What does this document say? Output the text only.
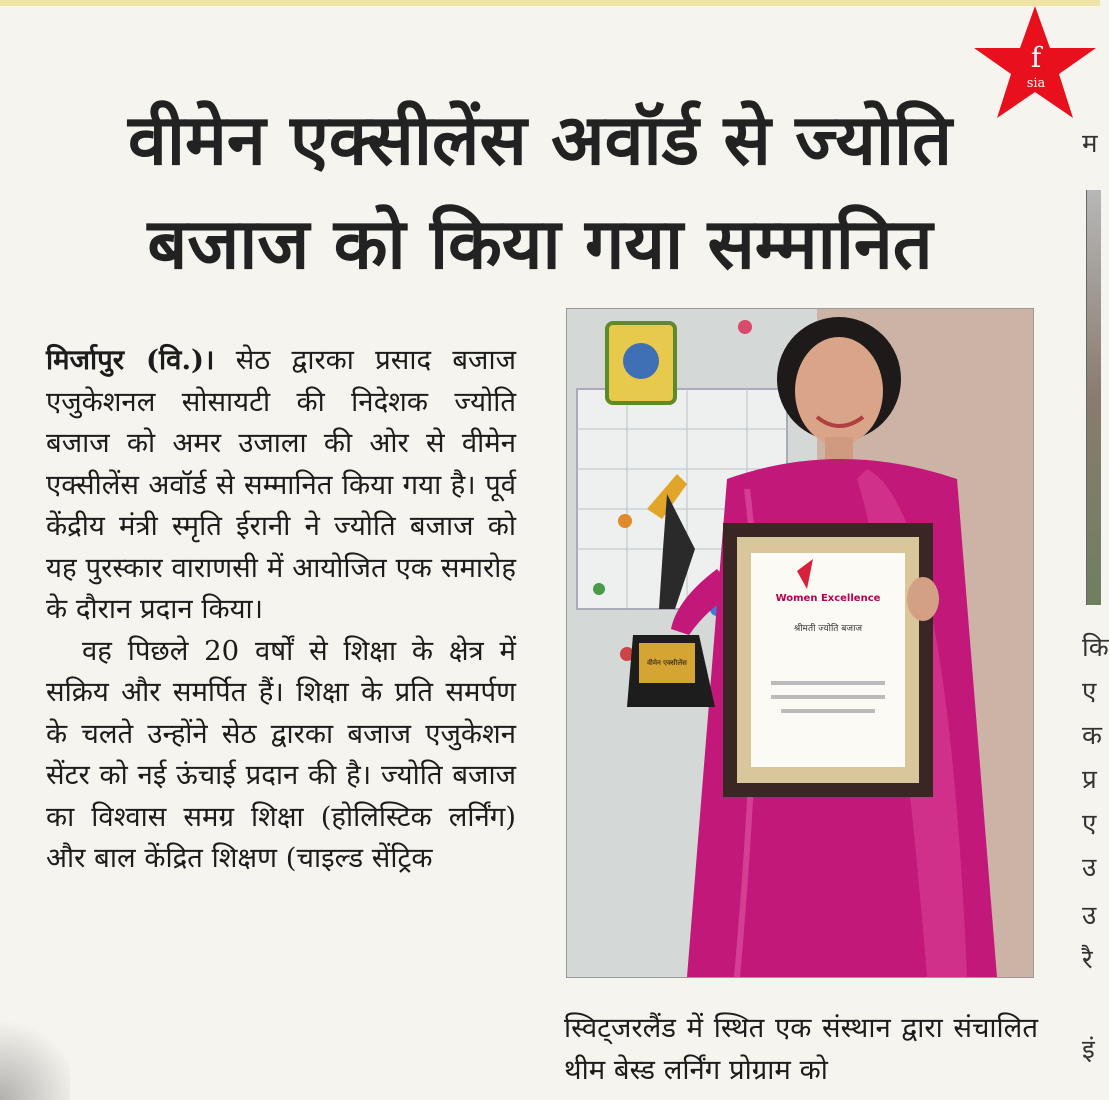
f
sia
वीमेन एक्सीलेंस अवॉर्ड से ज्योति
बजाज को किया गया सम्मानित

मिर्जापुर (वि.)। सेठ द्वारका प्रसाद बजाज एजुकेशनल सोसायटी की निदेशक ज्योति बजाज को अमर उजाला की ओर से वीमेन एक्सीलेंस अवॉर्ड से सम्मानित किया गया है। पूर्व केंद्रीय मंत्री स्मृति ईरानी ने ज्योति बजाज को यह पुरस्कार वाराणसी में आयोजित एक समारोह के दौरान प्रदान किया।

वह पिछले 20 वर्षों से शिक्षा के क्षेत्र में सक्रिय और समर्पित हैं। शिक्षा के प्रति समर्पण के चलते उन्होंने सेठ द्वारका बजाज एजुकेशन सेंटर को नई ऊंचाई प्रदान की है। ज्योति बजाज का विश्वास समग्र शिक्षा (होलिस्टिक लर्निंग) और बाल केंद्रित शिक्षण (चाइल्ड सेंट्रिक

Women Excellence
श्रीमती ज्योति बजाज
वीमेन एक्सीलेंस
स्विट्जरलैंड में स्थित एक संस्थान द्वारा संचालित थीम बेस्ड लर्निंग प्रोग्राम को
म
कि
ए
क
प्र
ए
उ
उ
रै
इं
